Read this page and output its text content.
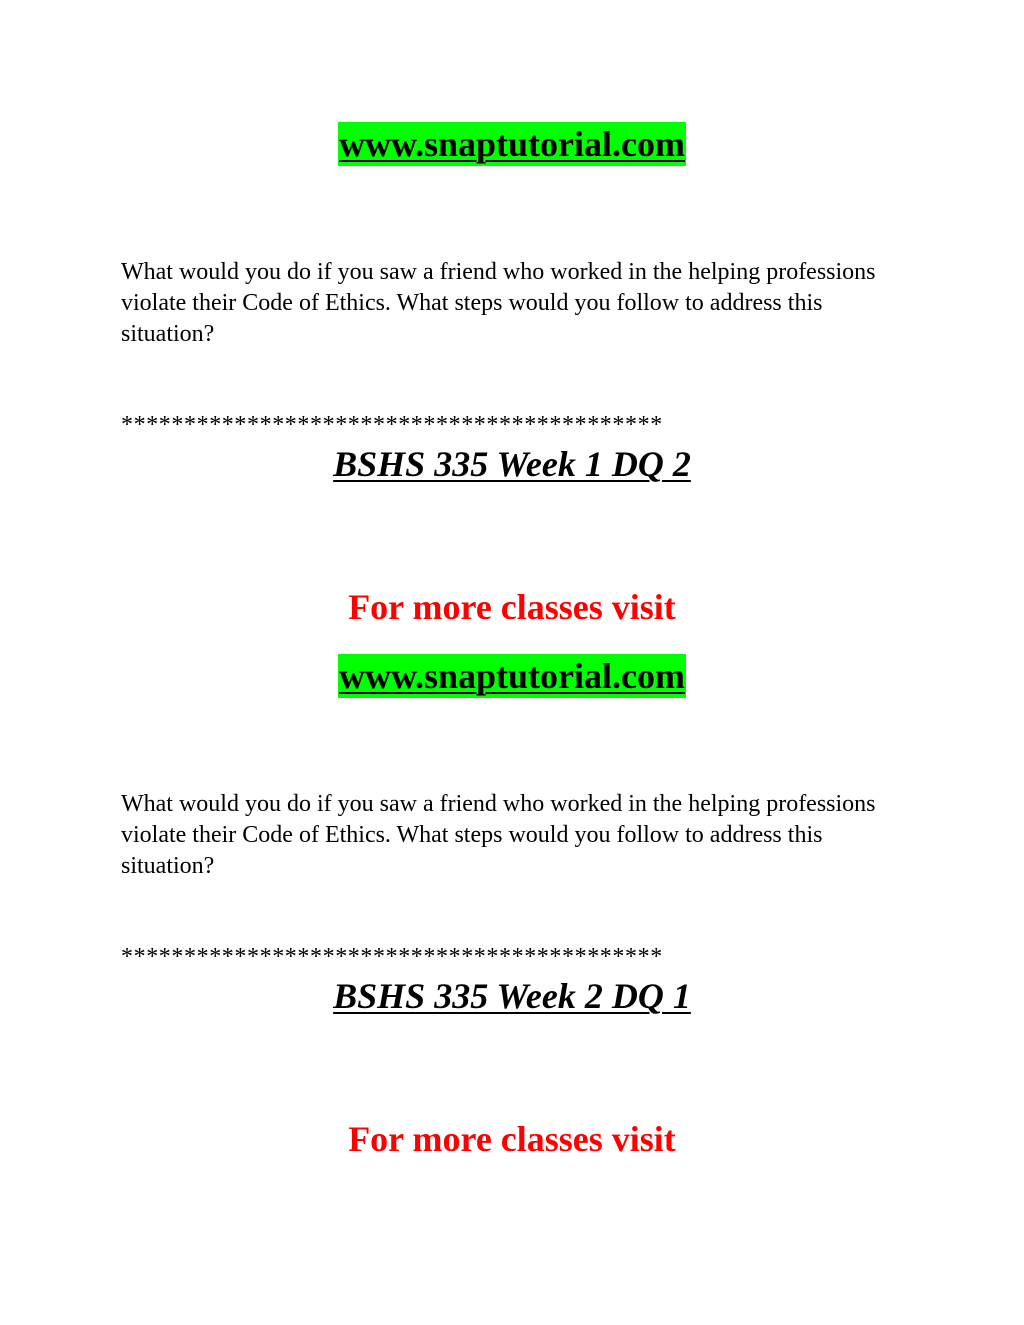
www.snaptutorial.com

What would you do if you saw a friend who worked in the helping professions violate their Code of Ethics. What steps would you follow to address this situation?

*******************************************
BSHS 335 Week 1 DQ 2
For more classes visit
www.snaptutorial.com

What would you do if you saw a friend who worked in the helping professions violate their Code of Ethics. What steps would you follow to address this situation?

*******************************************
BSHS 335 Week 2 DQ 1
For more classes visit
